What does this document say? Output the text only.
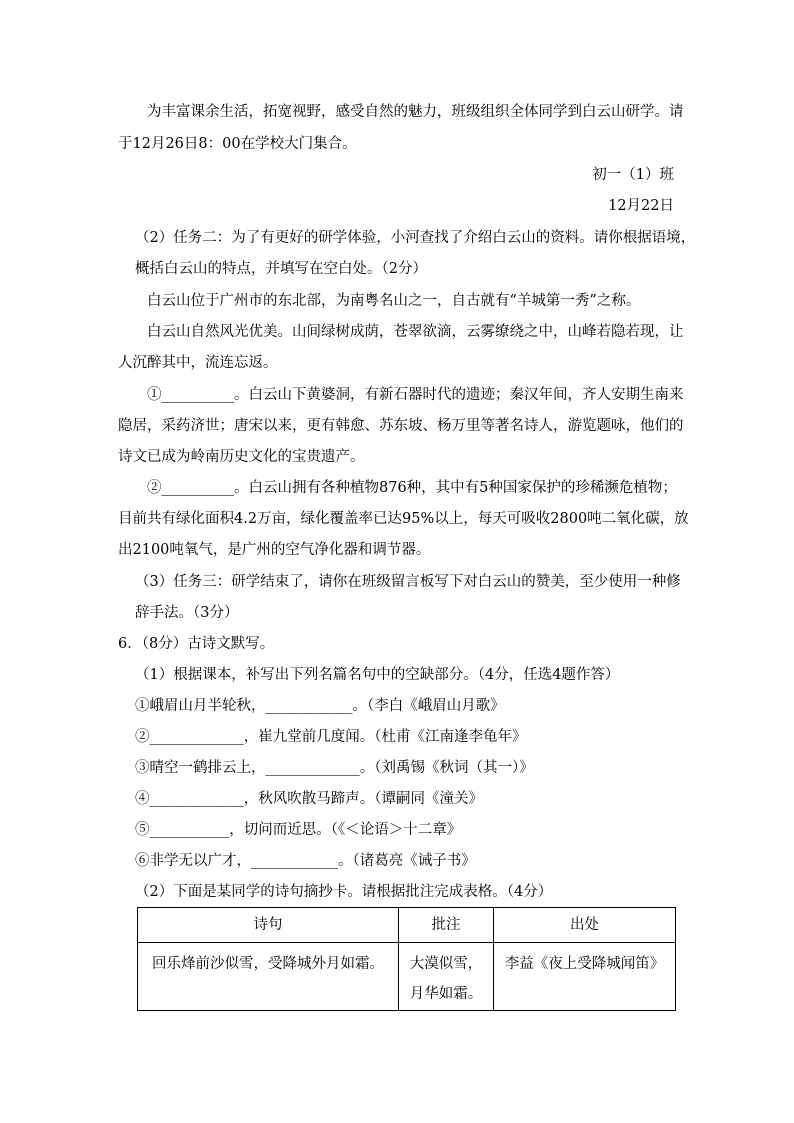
为丰富课余生活，拓宽视野，感受自然的魅力，班级组织全体同学到白云山研学。请
于12月26日8：00在学校大门集合。
初一（1）班
12月22日
（2）任务二：为了有更好的研学体验，小河查找了介绍白云山的资料。请你根据语境，
概括白云山的特点，并填写在空白处。（2分）
白云山位于广州市的东北部，为南粤名山之一，自古就有“羊城第一秀”之称。
白云山自然风光优美。山间绿树成荫，苍翠欲滴，云雾缭绕之中，山峰若隐若现，让
人沉醉其中，流连忘返。
①__________。白云山下黄婆洞，有新石器时代的遗迹；秦汉年间，齐人安期生南来
隐居，采药济世；唐宋以来，更有韩愈、苏东坡、杨万里等著名诗人，游览题咏，他们的
诗文已成为岭南历史文化的宝贵遗产。
②__________。白云山拥有各种植物876种，其中有5种国家保护的珍稀濒危植物；
目前共有绿化面积4.2万亩，绿化覆盖率已达95%以上，每天可吸收2800吨二氧化碳，放
出2100吨氧气，是广州的空气净化器和调节器。
（3）任务三：研学结束了，请你在班级留言板写下对白云山的赞美，至少使用一种修
辞手法。（3分）
6．（8分）古诗文默写。
（1）根据课本，补写出下列名篇名句中的空缺部分。（4分，任选4题作答）
①峨眉山月半轮秋，____________。（李白《峨眉山月歌》
②_____________，崔九堂前几度闻。（杜甫《江南逢李龟年》
③晴空一鹤排云上，_____________。（刘禹锡《秋词（其一）》
④_____________，秋风吹散马蹄声。（谭嗣同《潼关》
⑤___________，切问而近思。（《＜论语＞十二章》
⑥非学无以广才，____________。（诸葛亮《诫子书》
（2）下面是某同学的诗句摘抄卡。请根据批注完成表格。（4分）
诗句	批注	出处
回乐烽前沙似雪，受降城外月如霜。	大漠似雪，月华如霜。	李益《夜上受降城闻笛》
